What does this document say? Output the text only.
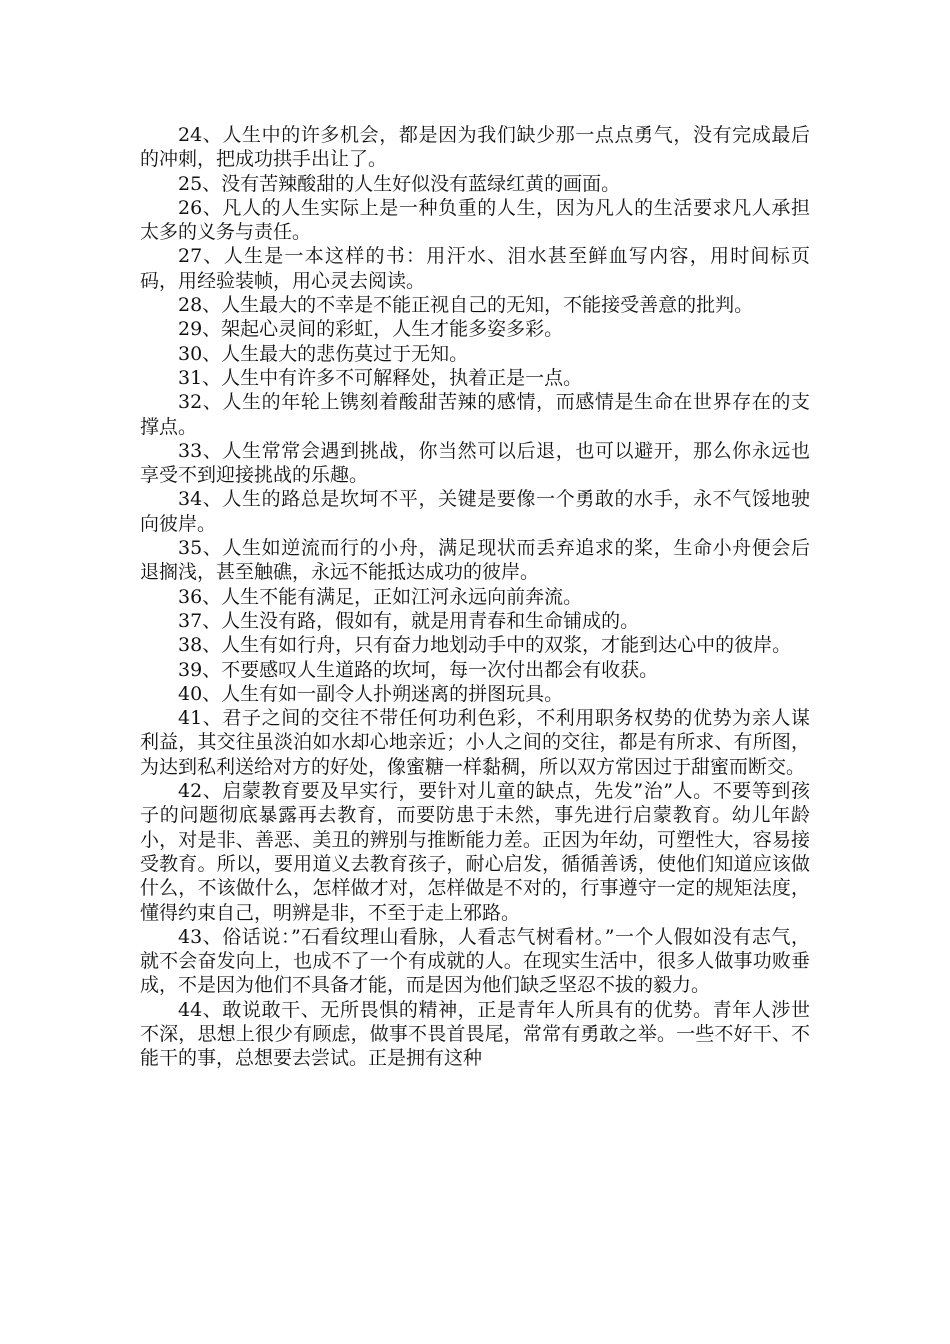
24、人生中的许多机会，都是因为我们缺少那一点点勇气，没有完成最后的冲刺，把成功拱手出让了。

25、没有苦辣酸甜的人生好似没有蓝绿红黄的画面。

26、凡人的人生实际上是一种负重的人生，因为凡人的生活要求凡人承担太多的义务与责任。

27、人生是一本这样的书：用汗水、泪水甚至鲜血写内容，用时间标页码，用经验装帧，用心灵去阅读。

28、人生最大的不幸是不能正视自己的无知，不能接受善意的批判。

29、架起心灵间的彩虹，人生才能多姿多彩。

30、人生最大的悲伤莫过于无知。

31、人生中有许多不可解释处，执着正是一点。

32、人生的年轮上镌刻着酸甜苦辣的感情，而感情是生命在世界存在的支撑点。

33、人生常常会遇到挑战，你当然可以后退，也可以避开，那么你永远也享受不到迎接挑战的乐趣。

34、人生的路总是坎坷不平，关键是要像一个勇敢的水手，永不气馁地驶向彼岸。

35、人生如逆流而行的小舟，满足现状而丢弃追求的桨，生命小舟便会后退搁浅，甚至触礁，永远不能抵达成功的彼岸。

36、人生不能有满足，正如江河永远向前奔流。

37、人生没有路，假如有，就是用青春和生命铺成的。

38、人生有如行舟，只有奋力地划动手中的双浆，才能到达心中的彼岸。

39、不要感叹人生道路的坎坷，每一次付出都会有收获。

40、人生有如一副令人扑朔迷离的拼图玩具。

41、君子之间的交往不带任何功利色彩，不利用职务权势的优势为亲人谋利益，其交往虽淡泊如水却心地亲近；小人之间的交往，都是有所求、有所图，为达到私利送给对方的好处，像蜜糖一样黏稠，所以双方常因过于甜蜜而断交。

42、启蒙教育要及早实行，要针对儿童的缺点，先发”治”人。不要等到孩子的问题彻底暴露再去教育，而要防患于未然，事先进行启蒙教育。幼儿年龄小，对是非、善恶、美丑的辨别与推断能力差。正因为年幼，可塑性大，容易接受教育。所以，要用道义去教育孩子，耐心启发，循循善诱，使他们知道应该做什么，不该做什么，怎样做才对，怎样做是不对的，行事遵守一定的规矩法度，懂得约束自己，明辨是非，不至于走上邪路。

43、俗话说：”石看纹理山看脉，人看志气树看材。”一个人假如没有志气，就不会奋发向上，也成不了一个有成就的人。在现实生活中，很多人做事功败垂成，不是因为他们不具备才能，而是因为他们缺乏坚忍不拔的毅力。

44、敢说敢干、无所畏惧的精神，正是青年人所具有的优势。青年人涉世不深，思想上很少有顾虑，做事不畏首畏尾，常常有勇敢之举。一些不好干、不能干的事，总想要去尝试。正是拥有这种
